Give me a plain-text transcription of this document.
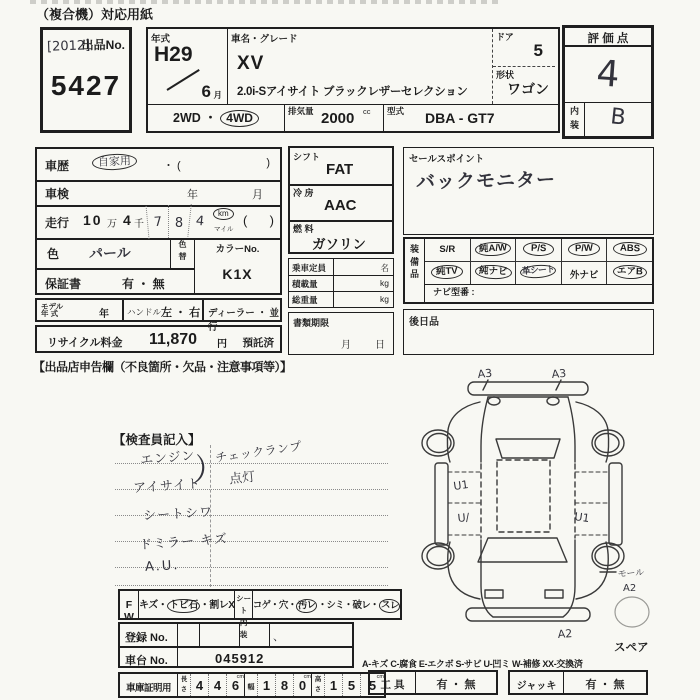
（複合機）対応用紙
出品No.
[2012]
5427
年式
H29
6 月
車名・グレード
XV
2.0i-Sアイサイト ブラックレザーセレクション
ドア
5
形状
ワゴン
2WD ・ 4WD	排気量 2000 cc 型式 DBA - GT7
評 価 点
4
内
装	B
車歴	自家用	・ (	)
車検	年	月
走行 10 万 4 千 7 8 4
km
マイル
( )
色 パール
色
替
カラーNo.
K1X
保証書	有 ・ 無
モデル
年 式	年 ハンドル 左 ・ 右 ディーラー ・ 並行
リサイクル料金 11,870 円 預託済
【出品店申告欄（不良箇所・欠品・注意事項等）】
シフト
FAT
冷 房
AAC
燃 料
ガソリン
乗車定員	名
積載量	kg
総重量	kg
書類期限
月 日
セールスポイント
バックモニター
装
備
品
S/R	純A/W	P/S	P/W	ABS
純TV	純ナビ	革シート	外ナビ	エアB
ナビ型番 :
後日品
【検査員記入】
エンジン
アイサイト
）
チェックランプ
点灯
シートシワ
ドミラー キズ
A.U.
F W
キズ・ トビ石 ・割レX
シート
内 装
コゲ・穴・ 汚レ ・シミ・破レ・ スレ
登録 No.	、
車台 No.	045912
車庫証明用
長
さ 4 4 6
cm
幅 1 8 0
cm 高
さ 1 5	5
cm
A-キズ C-腐食 E-エクボ S-サビ U-凹ミ W-補修 XX-交換済
工 具	有 ・ 無	ジャッキ	有 ・ 無
A3	A3
U1
U/	U1
モール
A2
A2
スペア
